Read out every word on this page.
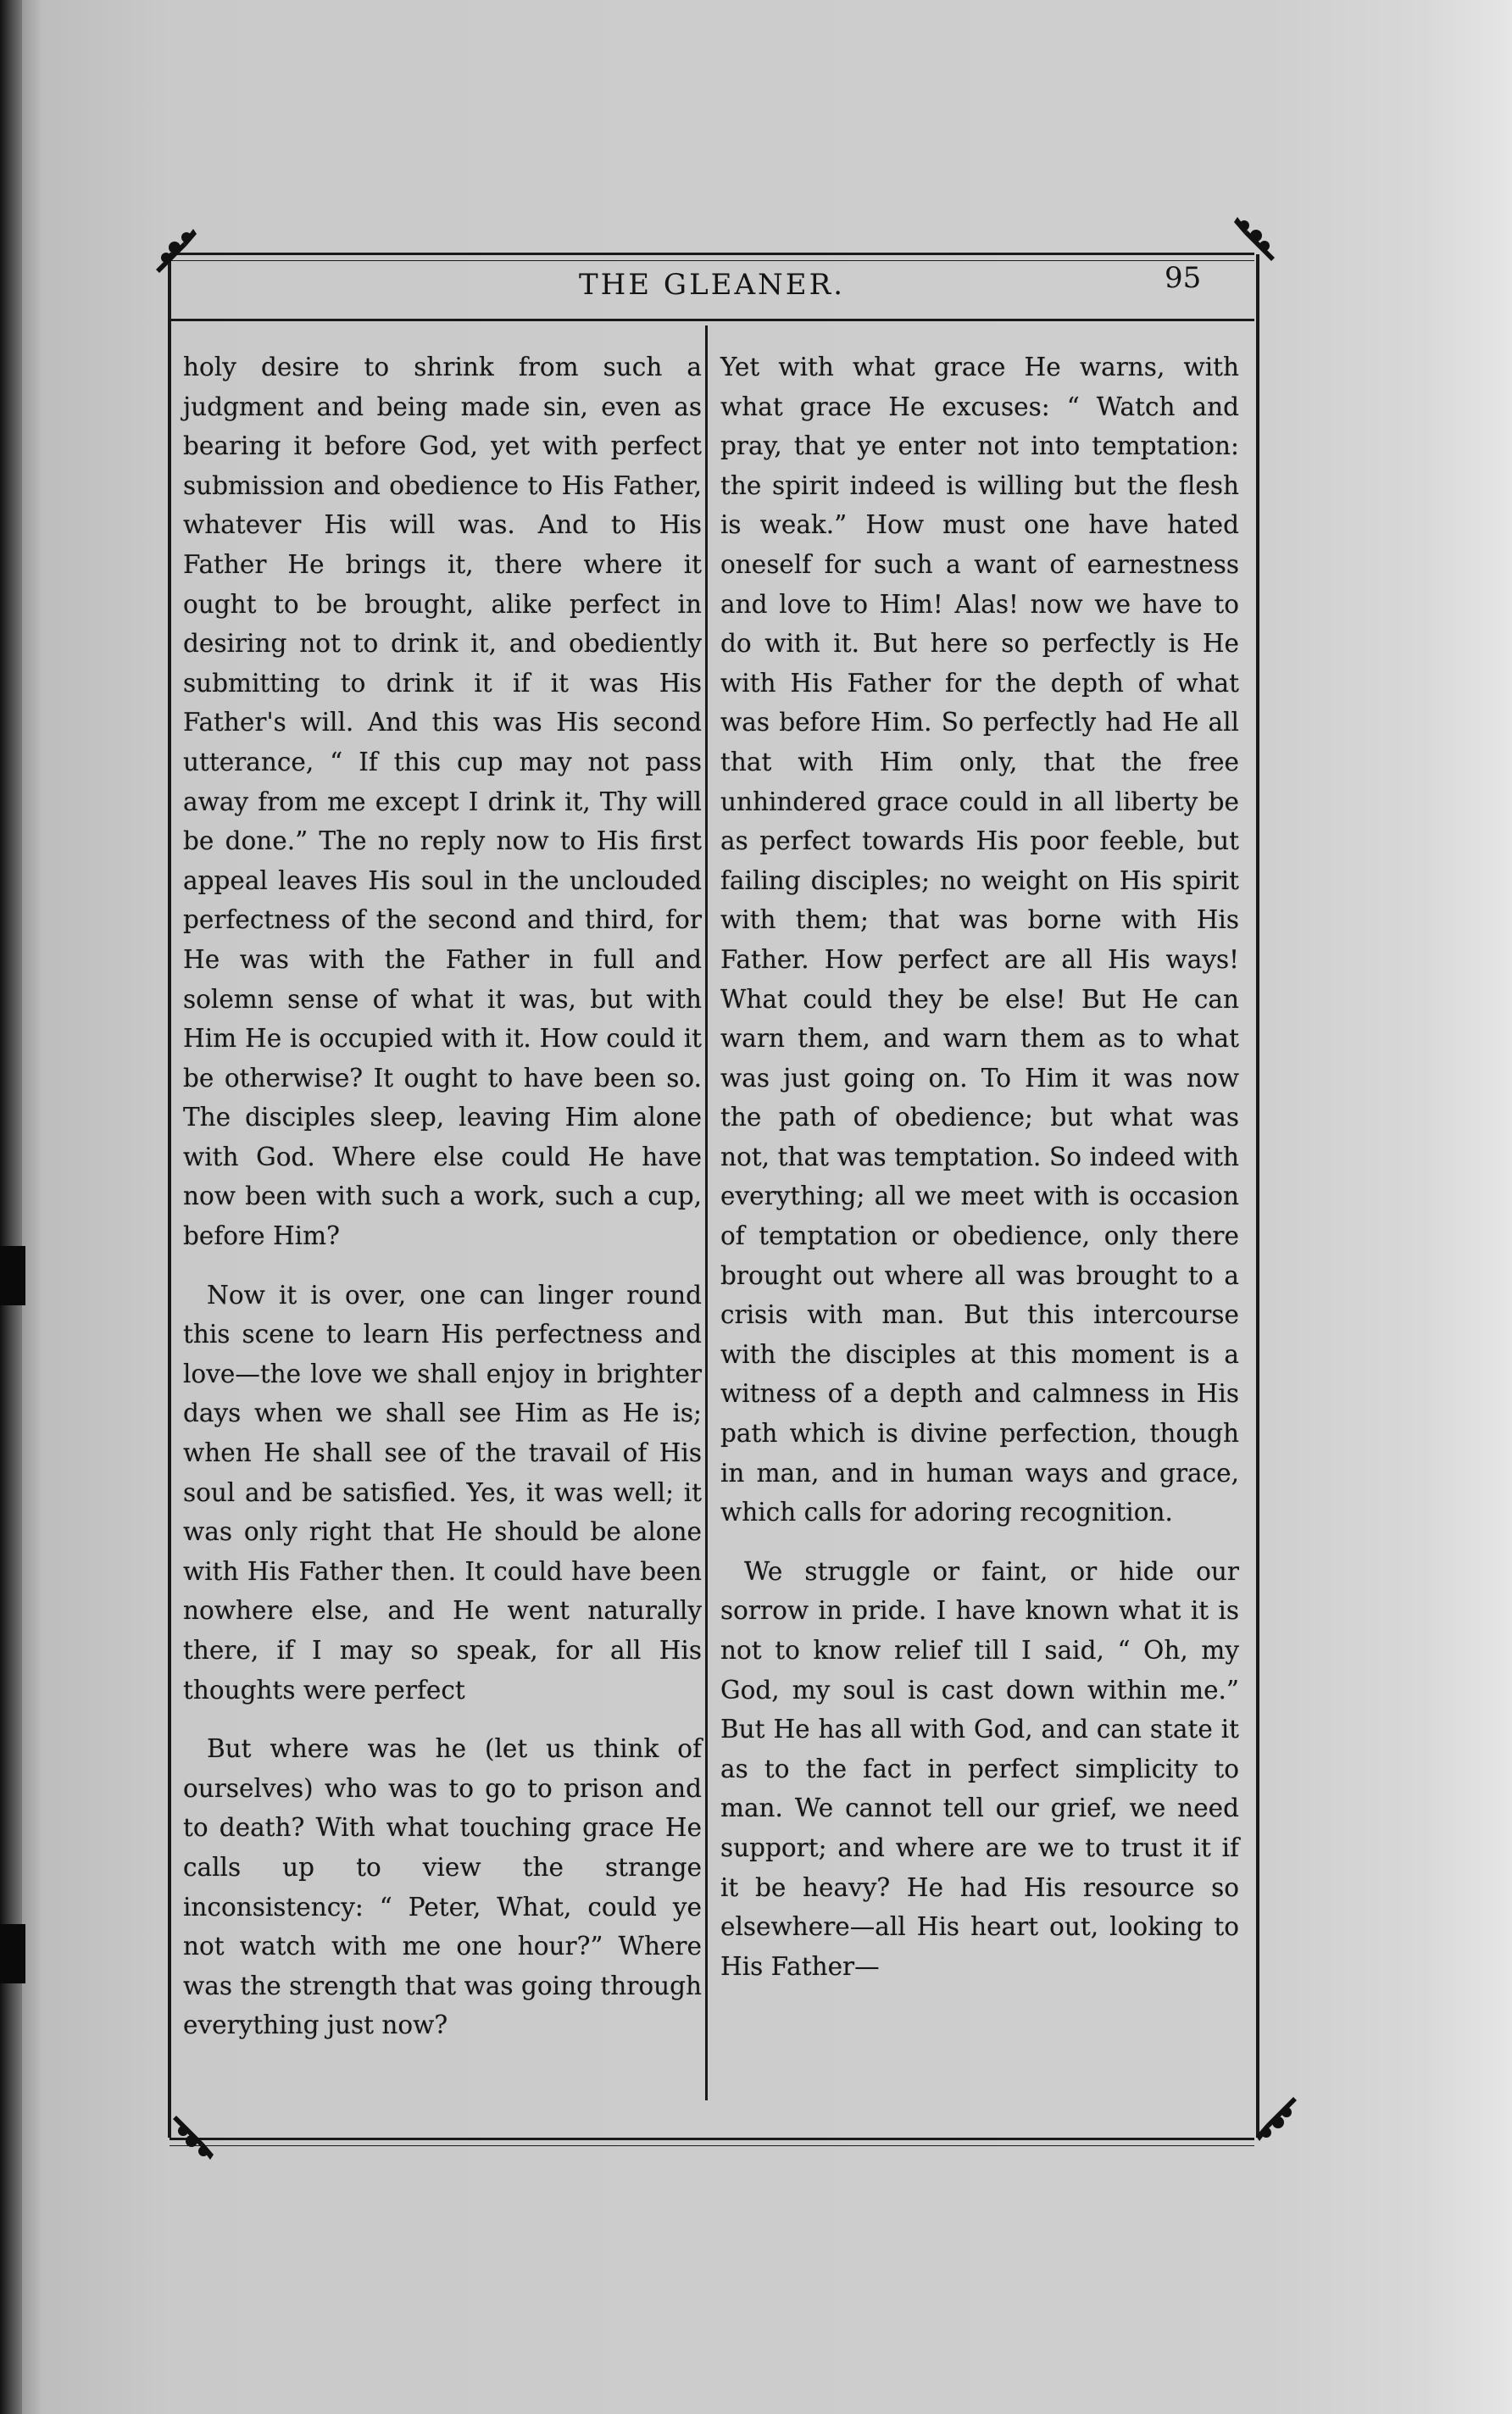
THE GLEANER.	95

holy desire to shrink from such a judgment and being made sin, even as bearing it before God, yet with perfect submission and obedience to His Father, whatever His will was. And to His Father He brings it, there where it ought to be brought, alike perfect in desiring not to drink it, and obediently submitting to drink it if it was His Father's will. And this was His second utterance, “ If this cup may not pass away from me except I drink it, Thy will be done.” The no reply now to His first appeal leaves His soul in the unclouded perfectness of the second and third, for He was with the Father in full and solemn sense of what it was, but with Him He is occupied with it. How could it be otherwise? It ought to have been so. The disciples sleep, leaving Him alone with God. Where else could He have now been with such a work, such a cup, before Him?

Now it is over, one can linger round this scene to learn His perfectness and love—the love we shall enjoy in brighter days when we shall see Him as He is; when He shall see of the travail of His soul and be satisfied. Yes, it was well; it was only right that He should be alone with His Father then. It could have been nowhere else, and He went naturally there, if I may so speak, for all His thoughts were perfect

But where was he (let us think of ourselves) who was to go to prison and to death? With what touching grace He calls up to view the strange inconsistency: “ Peter, What, could ye not watch with me one hour?” Where was the strength that was going through everything just now?

Yet with what grace He warns, with what grace He excuses: “ Watch and pray, that ye enter not into temptation: the spirit indeed is willing but the flesh is weak.” How must one have hated oneself for such a want of earnestness and love to Him! Alas! now we have to do with it. But here so perfectly is He with His Father for the depth of what was before Him. So perfectly had He all that with Him only, that the free unhindered grace could in all liberty be as perfect towards His poor feeble, but failing disciples; no weight on His spirit with them; that was borne with His Father. How perfect are all His ways! What could they be else! But He can warn them, and warn them as to what was just going on. To Him it was now the path of obedience; but what was not, that was temptation. So indeed with everything; all we meet with is occasion of temptation or obedience, only there brought out where all was brought to a crisis with man. But this intercourse with the disciples at this moment is a witness of a depth and calmness in His path which is divine perfection, though in man, and in human ways and grace, which calls for adoring recognition.

We struggle or faint, or hide our sorrow in pride. I have known what it is not to know relief till I said, “ Oh, my God, my soul is cast down within me.” But He has all with God, and can state it as to the fact in perfect simplicity to man. We cannot tell our grief, we need support; and where are we to trust it if it be heavy? He had His resource so elsewhere—all His heart out, looking to His Father—
